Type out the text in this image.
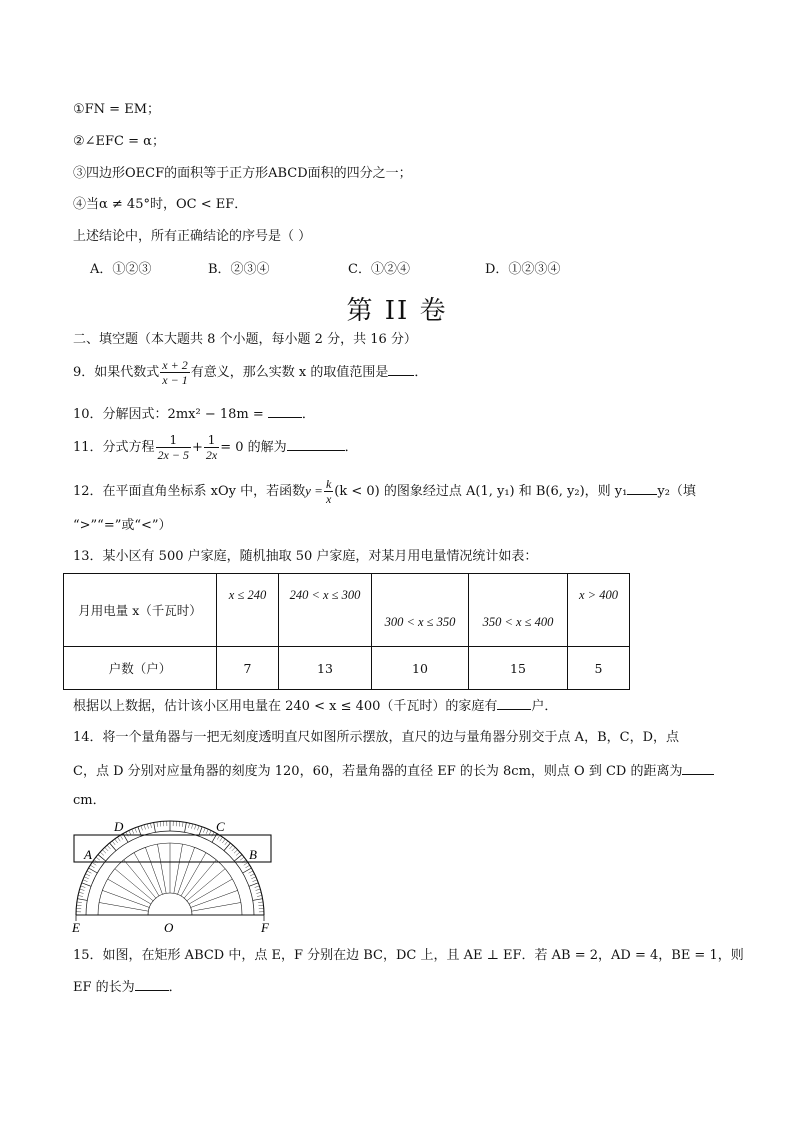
①FN = EM；
②∠EFC = α；
③四边形OECF的面积等于正方形ABCD面积的四分之一；
④当α ≠ 45°时，OC < EF．
上述结论中，所有正确结论的序号是（ ）
A．①②③	B．②③④	C．①②④	D．①②③④
第 II 卷
二、填空题（本大题共 8 个小题，每小题 2 分，共 16 分）
9．如果代数式 $\frac{x + 2}{x - 1}$ 有意义，那么实数 x 的取值范围是 ．
10．分解因式：2mx² − 18m =	．
11．分式方程 $\frac{1}{2x - 5} + \frac{1}{2x} = 0$ 的解为	．
12．在平面直角坐标系 xOy 中，若函数$y = \frac{k}{x} (k < 0)$ 的图象经过点 A(1, y₁) 和 B(6, y₂)，则 y₁ y₂（填
“>”“=”或“<”）
13．某小区有 500 户家庭，随机抽取 50 户家庭，对某月用电量情况统计如表：
月用电量 x（千瓦时）	x ≤ 240	240 < x ≤ 300	300 < x ≤ 350	350 < x ≤ 400	x > 400
户数（户）	7	13	10	15	5
根据以上数据，估计该小区用电量在 240 < x ≤ 400（千瓦时）的家庭有	户．
14．将一个量角器与一把无刻度透明直尺如图所示摆放，直尺的边与量角器分别交于点 A，B，C，D，点
C，点 D 分别对应量角器的刻度为 120，60，若量角器的直径 EF 的长为 8cm，则点 O 到 CD 的距离为
cm．
D	C
A	B
E	O	F
15．如图，在矩形 ABCD 中，点 E，F 分别在边 BC，DC 上，且 AE ⊥ EF．若 AB = 2，AD = 4，BE = 1，则
EF 的长为	．
